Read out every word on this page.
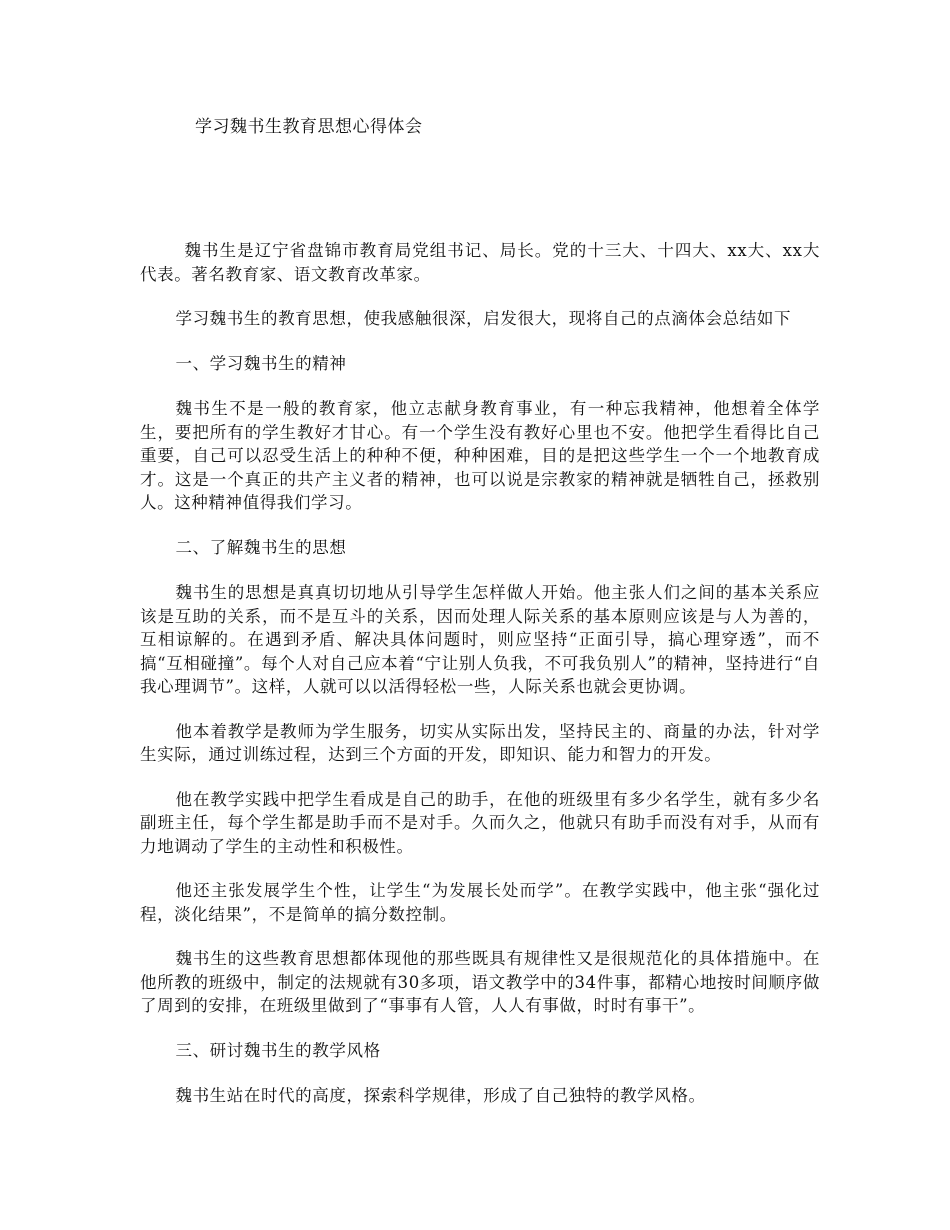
学习魏书生教育思想心得体会

魏书生是辽宁省盘锦市教育局党组书记、局长。党的十三大、十四大、xx大、xx大代表。著名教育家、语文教育改革家。

学习魏书生的教育思想，使我感触很深，启发很大，现将自己的点滴体会总结如下

一、学习魏书生的精神

魏书生不是一般的教育家，他立志献身教育事业，有一种忘我精神，他想着全体学生，要把所有的学生教好才甘心。有一个学生没有教好心里也不安。他把学生看得比自己重要，自己可以忍受生活上的种种不便，种种困难，目的是把这些学生一个一个地教育成才。这是一个真正的共产主义者的精神，也可以说是宗教家的精神就是牺牲自己，拯救别人。这种精神值得我们学习。

二、了解魏书生的思想

魏书生的思想是真真切切地从引导学生怎样做人开始。他主张人们之间的基本关系应该是互助的关系，而不是互斗的关系，因而处理人际关系的基本原则应该是与人为善的，互相谅解的。在遇到矛盾、解决具体问题时，则应坚持“正面引导，搞心理穿透”，而不搞“互相碰撞”。每个人对自己应本着“宁让别人负我，不可我负别人”的精神，坚持进行“自我心理调节”。这样，人就可以以活得轻松一些，人际关系也就会更协调。

他本着教学是教师为学生服务，切实从实际出发，坚持民主的、商量的办法，针对学生实际，通过训练过程，达到三个方面的开发，即知识、能力和智力的开发。

他在教学实践中把学生看成是自己的助手，在他的班级里有多少名学生，就有多少名副班主任，每个学生都是助手而不是对手。久而久之，他就只有助手而没有对手，从而有力地调动了学生的主动性和积极性。

他还主张发展学生个性，让学生“为发展长处而学”。在教学实践中，他主张“强化过程，淡化结果”，不是简单的搞分数控制。

魏书生的这些教育思想都体现他的那些既具有规律性又是很规范化的具体措施中。在他所教的班级中，制定的法规就有30多项，语文教学中的34件事，都精心地按时间顺序做了周到的安排，在班级里做到了“事事有人管，人人有事做，时时有事干”。

三、研讨魏书生的教学风格

魏书生站在时代的高度，探索科学规律，形成了自己独特的教学风格。
